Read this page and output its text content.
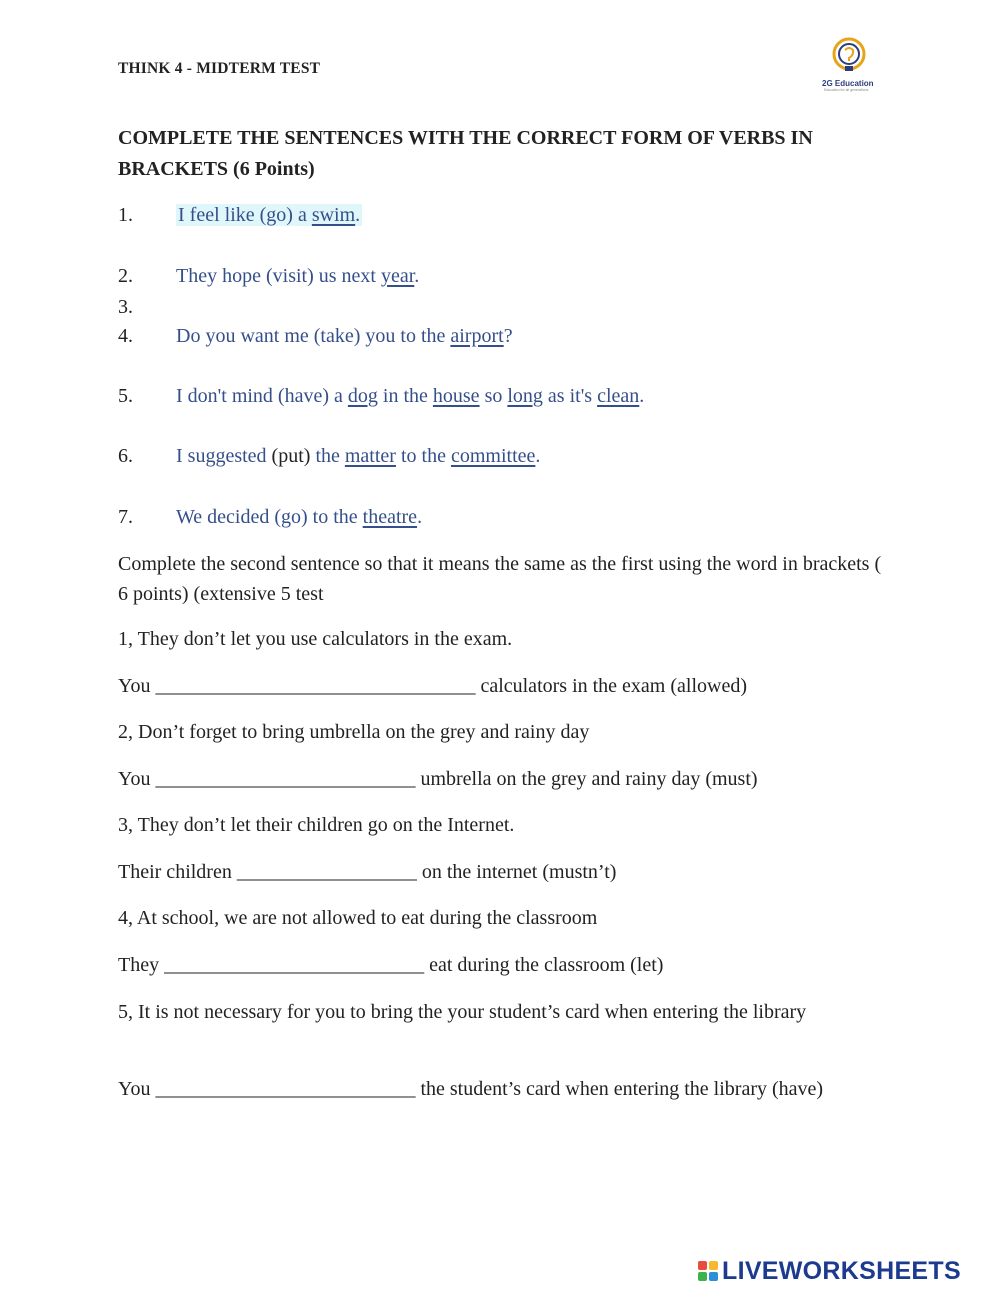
THINK 4 - MIDTERM TEST
2G Education
Education for all generations
COMPLETE THE SENTENCES WITH THE CORRECT FORM OF VERBS IN BRACKETS (6 Points)
1. I feel like (go) a swim.
2. They hope (visit) us next year.
3.
4. Do you want me (take) you to the airport?
5. I don't mind (have) a dog in the house so long as it's clean.
6. I suggested (put) the matter to the committee.
7. We decided (go) to the theatre.
Complete the second sentence so that it means the same as the first using the word in brackets ( 6 points) (extensive 5 test
1, They don’t let you use calculators in the exam.
You ________________________________ calculators in the exam (allowed)
2, Don’t forget to bring umbrella on the grey and rainy day
You __________________________ umbrella on the grey and rainy day (must)
3, They don’t let their children go on the Internet.
Their children __________________ on the internet (mustn’t)
4, At school, we are not allowed to eat during the classroom
They __________________________ eat during the classroom (let)
5, It is not necessary for you to bring the your student’s card when entering the library
You __________________________ the student’s card when entering the library (have)
LIVEWORKSHEETS
